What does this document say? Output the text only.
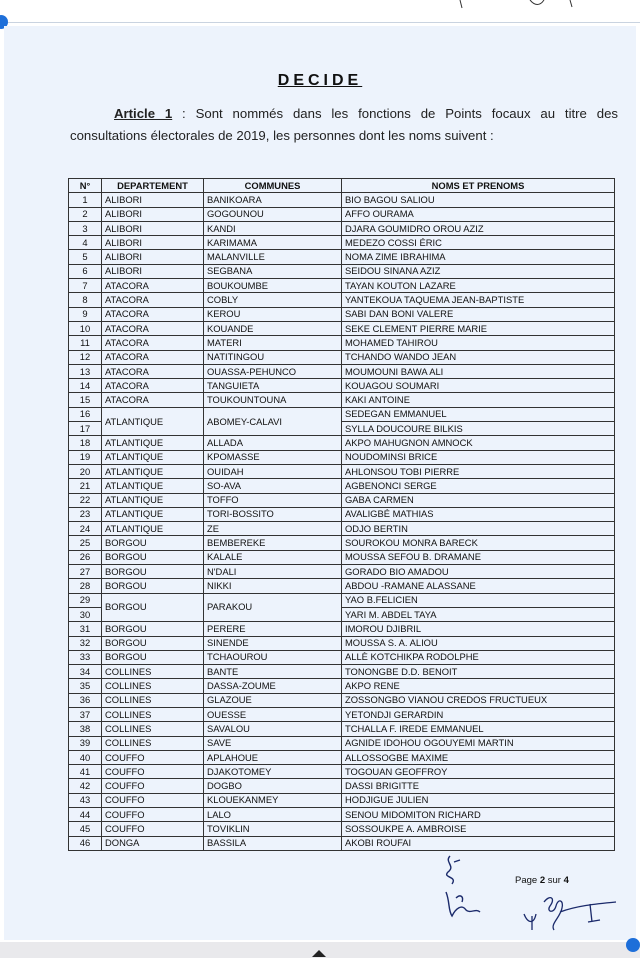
DECIDE
Article 1 : Sont nommés dans les fonctions de Points focaux au titre des consultations électorales de 2019, les personnes dont les noms suivent :
N°	DEPARTEMENT	COMMUNES	NOMS ET PRENOMS
1	ALIBORI	BANIKOARA	BIO BAGOU SALIOU
2	ALIBORI	GOGOUNOU	AFFO OURAMA
3	ALIBORI	KANDI	DJARA GOUMIDRO OROU AZIZ
4	ALIBORI	KARIMAMA	MEDEZO COSSI ÉRIC
5	ALIBORI	MALANVILLE	NOMA ZIME IBRAHIMA
6	ALIBORI	SEGBANA	SEIDOU SINANA AZIZ
7	ATACORA	BOUKOUMBE	TAYAN KOUTON LAZARE
8	ATACORA	COBLY	YANTEKOUA TAQUEMA JEAN-BAPTISTE
9	ATACORA	KEROU	SABI DAN BONI VALERE
10	ATACORA	KOUANDE	SEKE CLEMENT PIERRE MARIE
11	ATACORA	MATERI	MOHAMED TAHIROU
12	ATACORA	NATITINGOU	TCHANDO WANDO JEAN
13	ATACORA	OUASSA-PEHUNCO	MOUMOUNI BAWA ALI
14	ATACORA	TANGUIETA	KOUAGOU SOUMARI
15	ATACORA	TOUKOUNTOUNA	KAKI ANTOINE
16	ATLANTIQUE	ABOMEY-CALAVI	SEDEGAN EMMANUEL
17			SYLLA DOUCOURE BILKIS
18	ATLANTIQUE	ALLADA	AKPO MAHUGNON AMNOCK
19	ATLANTIQUE	KPOMASSE	NOUDOMINSI BRICE
20	ATLANTIQUE	OUIDAH	AHLONSOU TOBI PIERRE
21	ATLANTIQUE	SO-AVA	AGBENONCI SERGE
22	ATLANTIQUE	TOFFO	GABA CARMEN
23	ATLANTIQUE	TORI-BOSSITO	AVALIGBÉ MATHIAS
24	ATLANTIQUE	ZE	ODJO BERTIN
25	BORGOU	BEMBEREKE	SOUROKOU MONRA BARECK
26	BORGOU	KALALE	MOUSSA SEFOU B. DRAMANE
27	BORGOU	N'DALI	GORADO BIO AMADOU
28	BORGOU	NIKKI	ABDOU -RAMANE ALASSANE
29	BORGOU	PARAKOU	YAO B.FELICIEN
30			YARI M. ABDEL TAYA
31	BORGOU	PERERE	IMOROU DJIBRIL
32	BORGOU	SINENDE	MOUSSA S. A. ALIOU
33	BORGOU	TCHAOUROU	ALLÈ KOTCHIKPA RODOLPHE
34	COLLINES	BANTE	TONONGBE D.D. BENOIT
35	COLLINES	DASSA-ZOUME	AKPO RENE
36	COLLINES	GLAZOUE	ZOSSONGBO VIANOU CREDOS FRUCTUEUX
37	COLLINES	OUESSE	YETONDJI GERARDIN
38	COLLINES	SAVALOU	TCHALLA F. IREDE EMMANUEL
39	COLLINES	SAVE	AGNIDE IDOHOU OGOUYEMI MARTIN
40	COUFFO	APLAHOUE	ALLOSSOGBE MAXIME
41	COUFFO	DJAKOTOMEY	TOGOUAN GEOFFROY
42	COUFFO	DOGBO	DASSI BRIGITTE
43	COUFFO	KLOUEKANMEY	HODJIGUE JULIEN
44	COUFFO	LALO	SENOU MIDOMITON RICHARD
45	COUFFO	TOVIKLIN	SOSSOUKPE A. AMBROISE
46	DONGA	BASSILA	AKOBI ROUFAI
Page 2 sur 4
